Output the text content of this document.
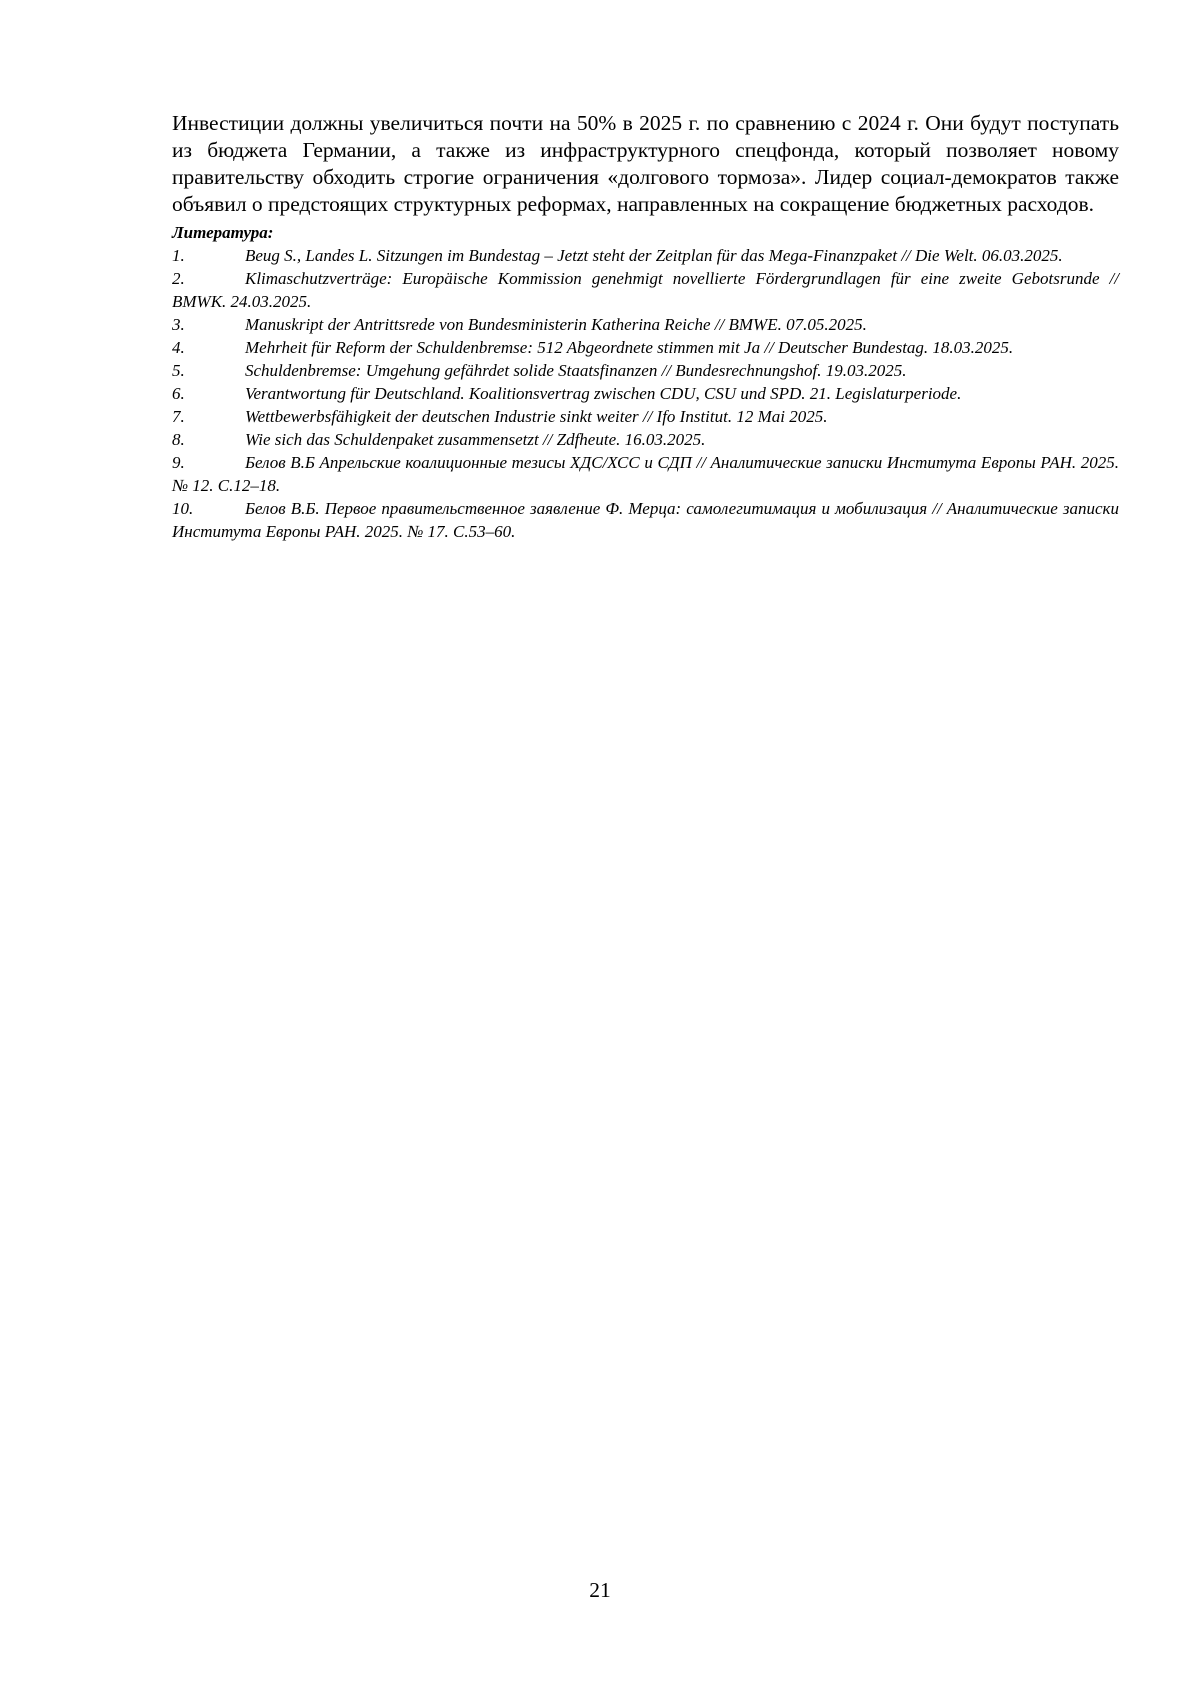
Инвестиции должны увеличиться почти на 50% в 2025 г. по сравнению с 2024 г. Они будут поступать из бюджета Германии, а также из инфраструктурного спецфонда, который позволяет новому правительству обходить строгие ограничения «долгового тормоза». Лидер социал-демократов также объявил о предстоящих структурных реформах, направленных на сокращение бюджетных расходов.

Литература:
1.	Beug S., Landes L. Sitzungen im Bundestag – Jetzt steht der Zeitplan für das Mega-Finanzpaket // Die Welt. 06.03.2025.
2.	Klimaschutzverträge: Europäische Kommission genehmigt novellierte Fördergrundlagen für eine zweite Gebotsrunde // BMWK. 24.03.2025.
3.	Manuskript der Antrittsrede von Bundesministerin Katherina Reiche // BMWE. 07.05.2025.
4.	Mehrheit für Reform der Schuldenbremse: 512 Abgeordnete stimmen mit Ja // Deutscher Bundestag. 18.03.2025.
5.	Schuldenbremse: Umgehung gefährdet solide Staatsfinanzen // Bundesrechnungshof. 19.03.2025.
6.	Verantwortung für Deutschland. Koalitionsvertrag zwischen CDU, CSU und SPD. 21. Legislaturperiode.
7.	Wettbewerbsfähigkeit der deutschen Industrie sinkt weiter // Ifo Institut. 12 Mai 2025.
8.	Wie sich das Schuldenpaket zusammensetzt // Zdfheute. 16.03.2025.
9.	Белов В.Б Апрельские коалиционные тезисы ХДС/ХСС и СДП // Аналитические записки Института Европы РАН. 2025. № 12. С.12–18.
10.	Белов В.Б. Первое правительственное заявление Ф. Мерца: самолегитимация и мобилизация // Аналитические записки Института Европы РАН. 2025. № 17. С.53–60.
21
